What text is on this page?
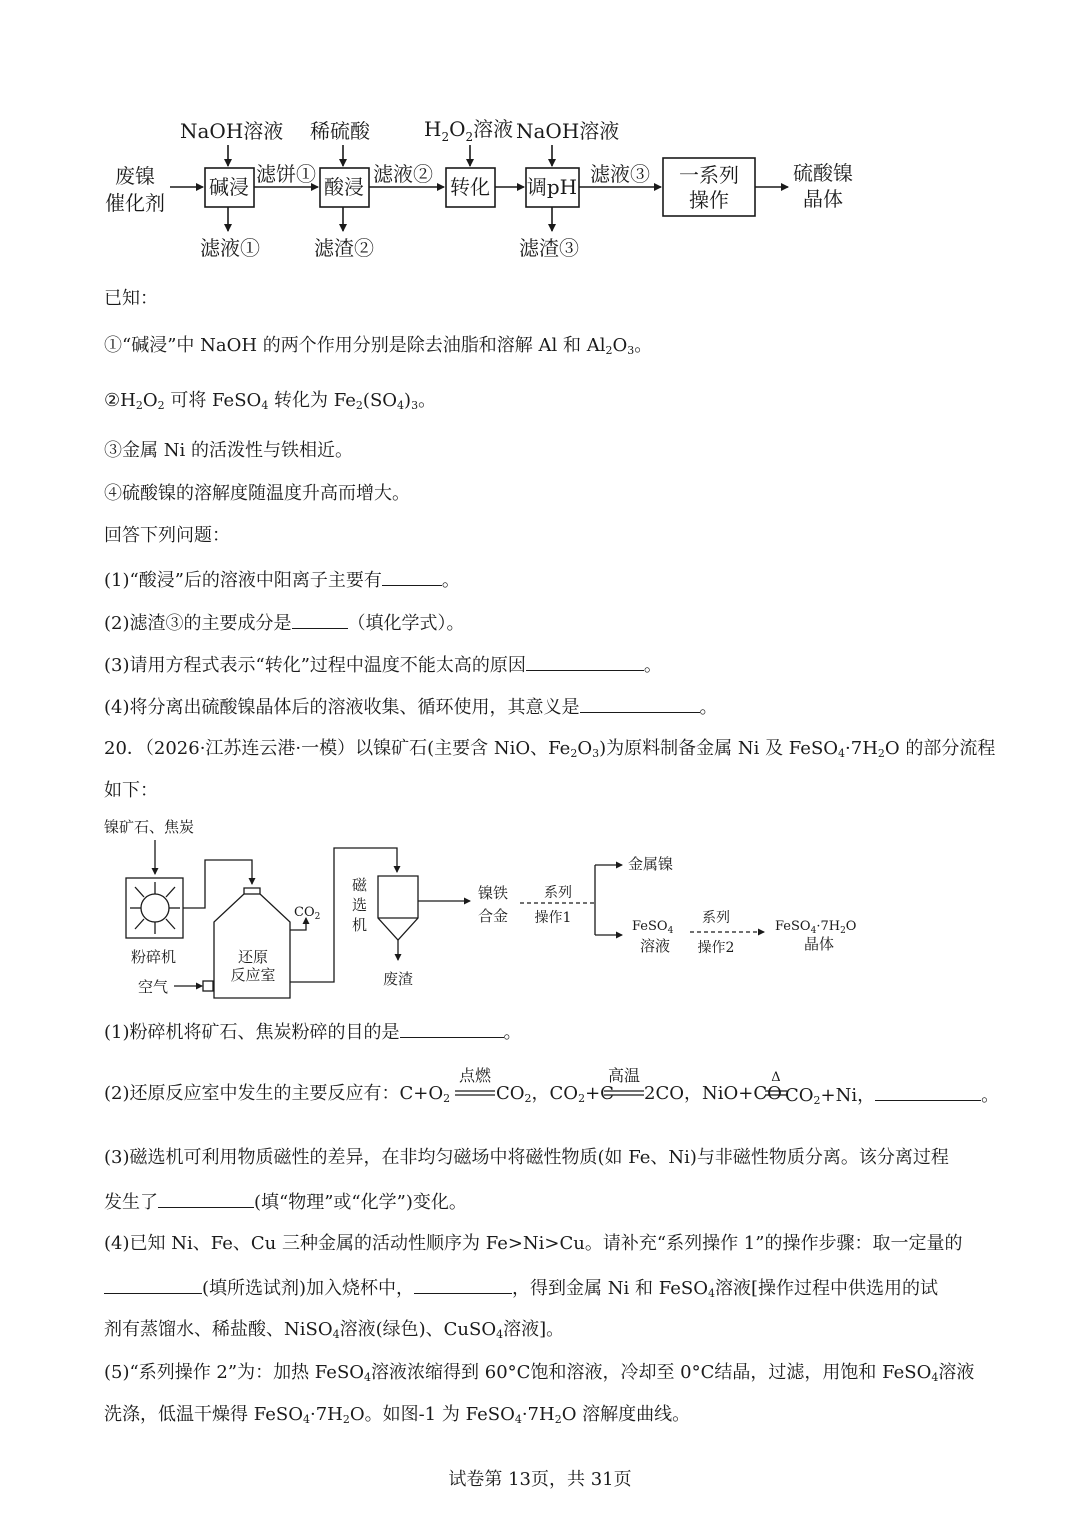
废镍
催化剂
NaOH溶液 稀硫酸	$H_2O_2$溶液 NaOH溶液
碱浸	酸浸	转化 调pH	一系列
操作
滤饼①	滤液②	滤液③
滤液①	滤渣②	滤渣③
硫酸镍
晶体
已知：
①“碱浸”中 NaOH 的两个作用分别是除去油脂和溶解 Al 和 $Al_2O_3$。
$②H_2O_2$ 可将 FeSO$_4$ 转化为 $Fe_2(SO_4)_3$。
③金属 Ni 的活泼性与铁相近。
④硫酸镍的溶解度随温度升高而增大。
回答下列问题：
(1)“酸浸”后的溶液中阳离子主要有	。
(2)滤渣③的主要成分是	（填化学式）。
(3)请用方程式表示“转化”过程中温度不能太高的原因	。
(4)将分离出硫酸镍晶体后的溶液收集、循环使用，其意义是	。
20．（2026·江苏连云港·一模）以镍矿石(主要含 NiO、$Fe_2O_3$)为原料制备金属 Ni 及 $FeSO_4\cdot 7H_2O$ 的部分流程
如下：
镍矿石、焦炭
粉碎机
空气
还原
反应室
$CO_2$
磁
选
机
废渣
镍铁
合金
系列
操作1
金属镍
FeSO$_4$
溶液
系列
操作2
$FeSO_4\cdot 7H_2O$
晶体
(1)粉碎机将矿石、焦炭粉碎的目的是	。
(2)还原反应室中发生的主要反应有：$C+O_2$
点燃
$CO_2$，$CO_2+C$
高温
2CO，NiO+CO
Δ
$CO_2+Ni$，	。
(3)磁选机可利用物质磁性的差异，在非均匀磁场中将磁性物质(如 Fe、Ni)与非磁性物质分离。该分离过程
发生了	(填“物理”或“化学”)变化。
(4)已知 Ni、Fe、Cu 三种金属的活动性顺序为 Fe>Ni>Cu。请补充“系列操作 1”的操作步骤：取一定量的
(填所选试剂)加入烧杯中，	，得到金属 Ni 和 FeSO$_4$溶液[操作过程中供选用的试
剂有蒸馏水、稀盐酸、NiSO$_4$溶液(绿色)、CuSO$_4$溶液]。
(5)“系列操作 2”为：加热 FeSO$_4$溶液浓缩得到 60°C饱和溶液，冷却至 0°C结晶，过滤，用饱和 FeSO$_4$溶液
洗涤，低温干燥得 $FeSO_4\cdot 7H_2O$。如图-1 为 $FeSO_4\cdot 7H_2O$ 溶解度曲线。
试卷第 13页，共 31页
